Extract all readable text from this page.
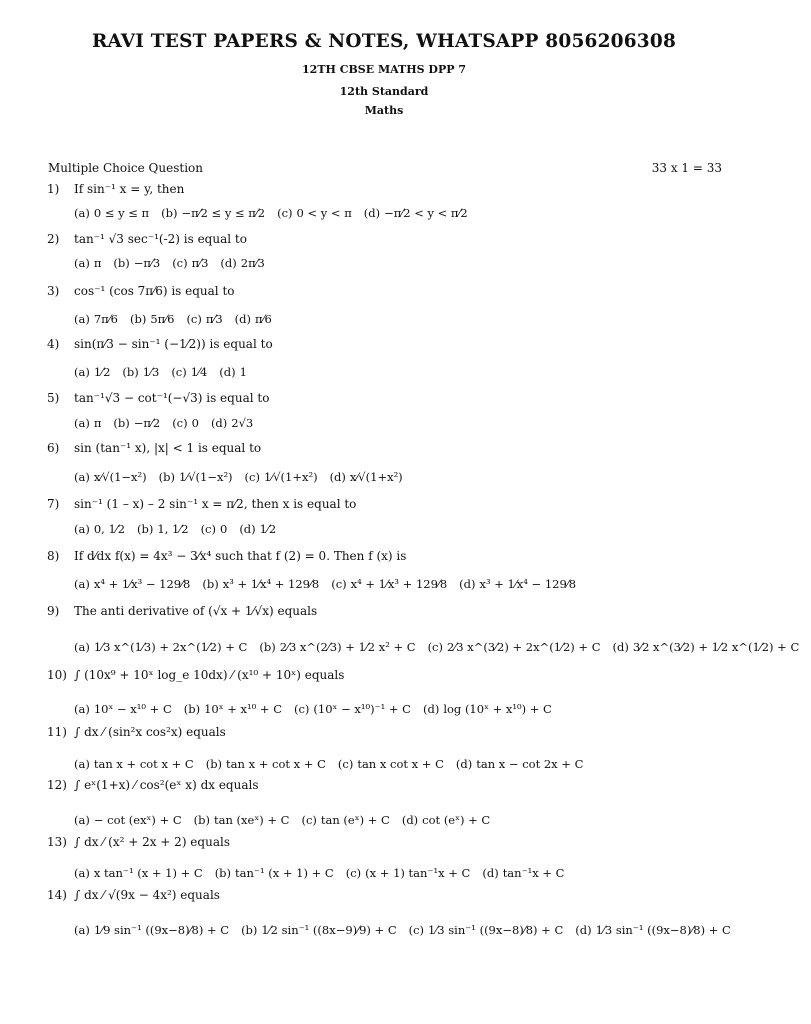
RAVI TEST PAPERS & NOTES, WHATSAPP 8056206308
12TH CBSE MATHS DPP 7
12th Standard
Maths
Multiple Choice Question	33 x 1 = 33
1) If sin⁻¹ x = y, then
(a) 0 ≤ y ≤ π (b) −π⁄2 ≤ y ≤ π⁄2 (c) 0 < y < π (d) −π⁄2 < y < π⁄2
2) tan⁻¹ √3 sec⁻¹(-2) is equal to
(a) π (b) −π⁄3 (c) π⁄3 (d) 2π⁄3
3) cos⁻¹ (cos 7π⁄6) is equal to
(a) 7π⁄6 (b) 5π⁄6 (c) π⁄3 (d) π⁄6
4) sin(π⁄3 − sin⁻¹ (−1⁄2)) is equal to
(a) 1⁄2 (b) 1⁄3 (c) 1⁄4 (d) 1
5) tan⁻¹√3 − cot⁻¹(−√3) is equal to
(a) π (b) −π⁄2 (c) 0 (d) 2√3
6) sin (tan⁻¹ x), |x| < 1 is equal to
(a) x⁄√(1−x²) (b) 1⁄√(1−x²) (c) 1⁄√(1+x²) (d) x⁄√(1+x²)
7) sin⁻¹ (1 – x) – 2 sin⁻¹ x = π⁄2, then x is equal to
(a) 0, 1⁄2 (b) 1, 1⁄2 (c) 0 (d) 1⁄2
8) If d⁄dx f(x) = 4x³ − 3⁄x⁴ such that f (2) = 0. Then f (x) is
(a) x⁴ + 1⁄x³ − 129⁄8 (b) x³ + 1⁄x⁴ + 129⁄8 (c) x⁴ + 1⁄x³ + 129⁄8 (d) x³ + 1⁄x⁴ − 129⁄8
9) The anti derivative of (√x + 1⁄√x) equals
(a) 1⁄3 x^(1⁄3) + 2x^(1⁄2) + C (b) 2⁄3 x^(2⁄3) + 1⁄2 x² + C (c) 2⁄3 x^(3⁄2) + 2x^(1⁄2) + C (d) 3⁄2 x^(3⁄2) + 1⁄2 x^(1⁄2) + C
10) ∫ (10x⁹ + 10ˣ log_e 10dx) ⁄ (x¹⁰ + 10ˣ) equals
(a) 10ˣ − x¹⁰ + C (b) 10ˣ + x¹⁰ + C (c) (10ˣ − x¹⁰)⁻¹ + C (d) log (10ˣ + x¹⁰) + C
11) ∫ dx ⁄ (sin²x cos²x) equals
(a) tan x + cot x + C (b) tan x + cot x + C (c) tan x cot x + C (d) tan x − cot 2x + C
12) ∫ eˣ(1+x) ⁄ cos²(eˣ x) dx equals
(a) − cot (exˣ) + C (b) tan (xeˣ) + C (c) tan (eˣ) + C (d) cot (eˣ) + C
13) ∫ dx ⁄ (x² + 2x + 2) equals
(a) x tan⁻¹ (x + 1) + C (b) tan⁻¹ (x + 1) + C (c) (x + 1) tan⁻¹x + C (d) tan⁻¹x + C
14) ∫ dx ⁄ √(9x − 4x²) equals
(a) 1⁄9 sin⁻¹ ((9x−8)⁄8) + C (b) 1⁄2 sin⁻¹ ((8x−9)⁄9) + C (c) 1⁄3 sin⁻¹ ((9x−8)⁄8) + C (d) 1⁄3 sin⁻¹ ((9x−8)⁄8) + C
